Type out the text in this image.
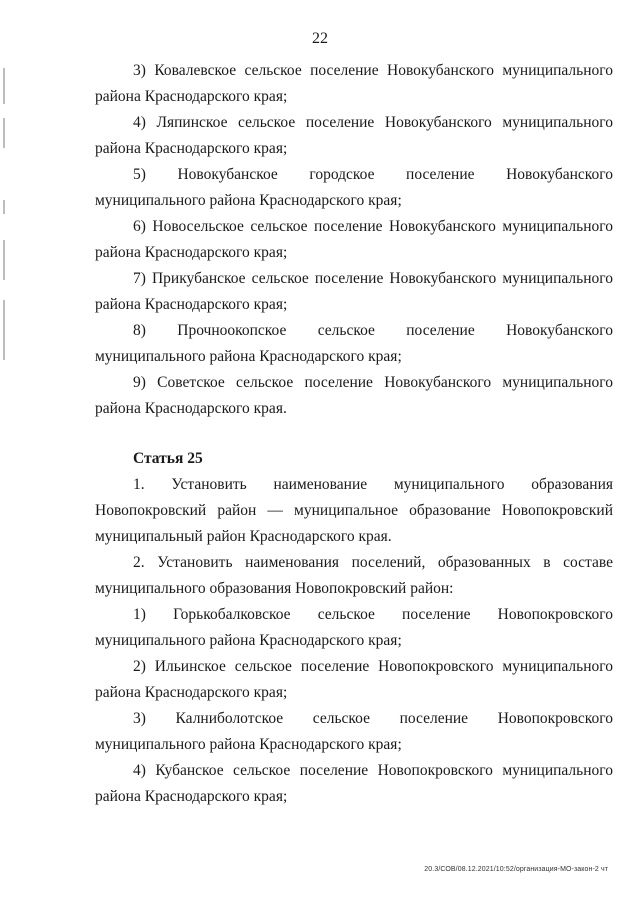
22

3) Ковалевское сельское поселение Новокубанского муниципального района Краснодарского края;

4) Ляпинское сельское поселение Новокубанского муниципального района Краснодарского края;

5) Новокубанское городское поселение Новокубанского муниципального района Краснодарского края;

6) Новосельское сельское поселение Новокубанского муниципального района Краснодарского края;

7) Прикубанское сельское поселение Новокубанского муниципального района Краснодарского края;

8) Прочноокопское сельское поселение Новокубанского муниципального района Краснодарского края;

9) Советское сельское поселение Новокубанского муниципального района Краснодарского края.

Статья 25

1. Установить наименование муниципального образования Новопокровский район — муниципальное образование Новопокровский муниципальный район Краснодарского края.

2. Установить наименования поселений, образованных в составе муниципального образования Новопокровский район:

1) Горькобалковское сельское поселение Новопокровского муниципального района Краснодарского края;

2) Ильинское сельское поселение Новопокровского муниципального района Краснодарского края;

3) Калниболотское сельское поселение Новопокровского муниципального района Краснодарского края;

4) Кубанское сельское поселение Новопокровского муниципального района Краснодарского края;

20.3/СОВ/08.12.2021/10:52/организация-МО-закон-2 чт
